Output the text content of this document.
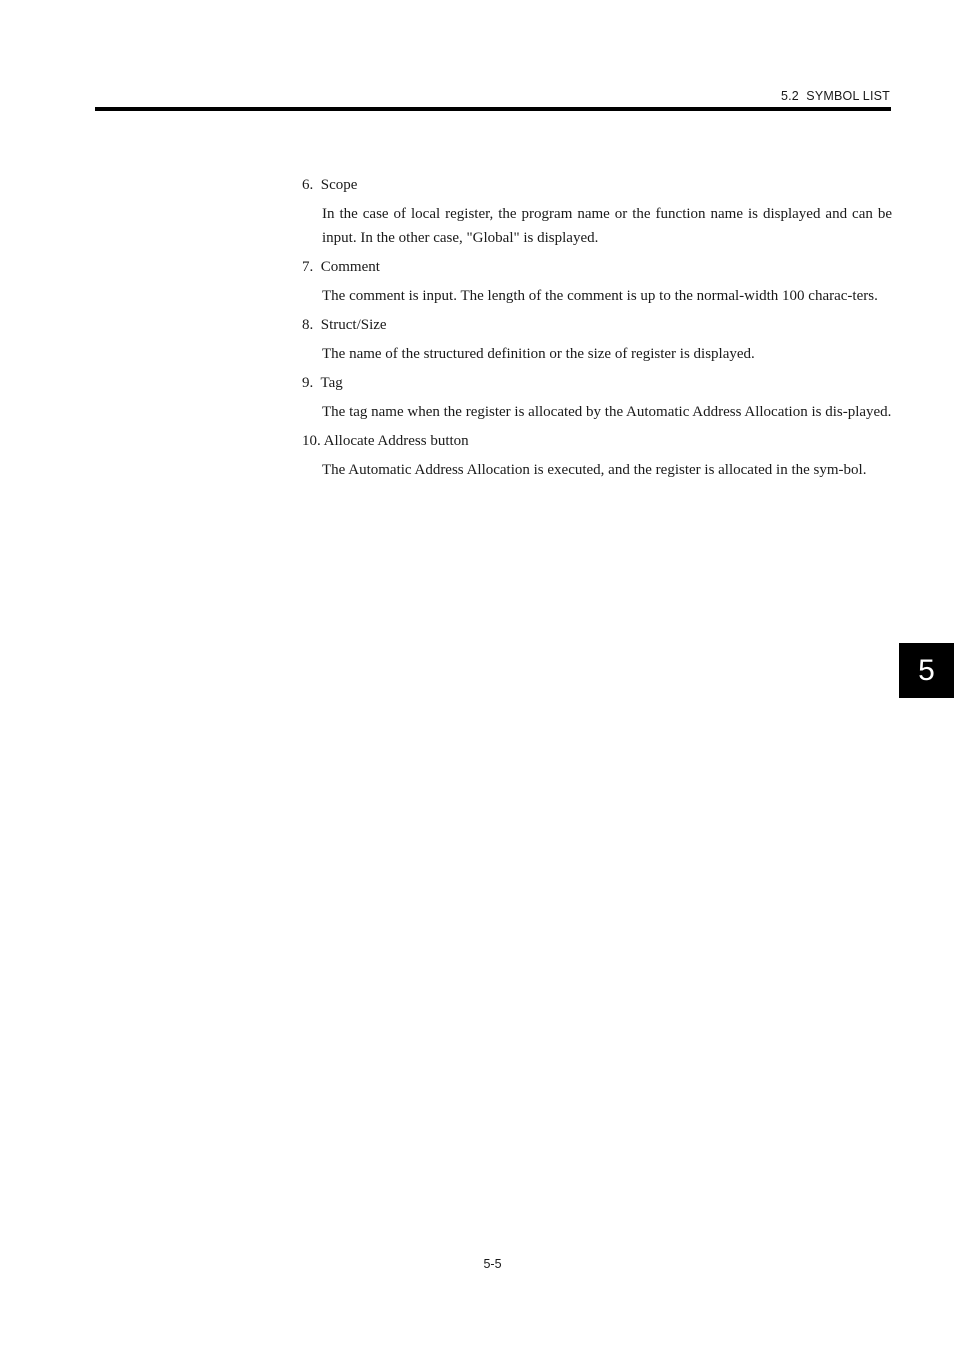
5.2  SYMBOL LIST

6.  Scope

In the case of local register, the program name or the function name is displayed and can be input. In the other case, "Global" is displayed.

7.  Comment

The comment is input. The length of the comment is up to the normal-width 100 charac-ters.

8.  Struct/Size

The name of the structured definition or the size of register is displayed.

9.  Tag

The tag name when the register is allocated by the Automatic Address Allocation is dis-played.

10. Allocate Address button

The Automatic Address Allocation is executed, and the register is allocated in the sym-bol.

5
5-5
